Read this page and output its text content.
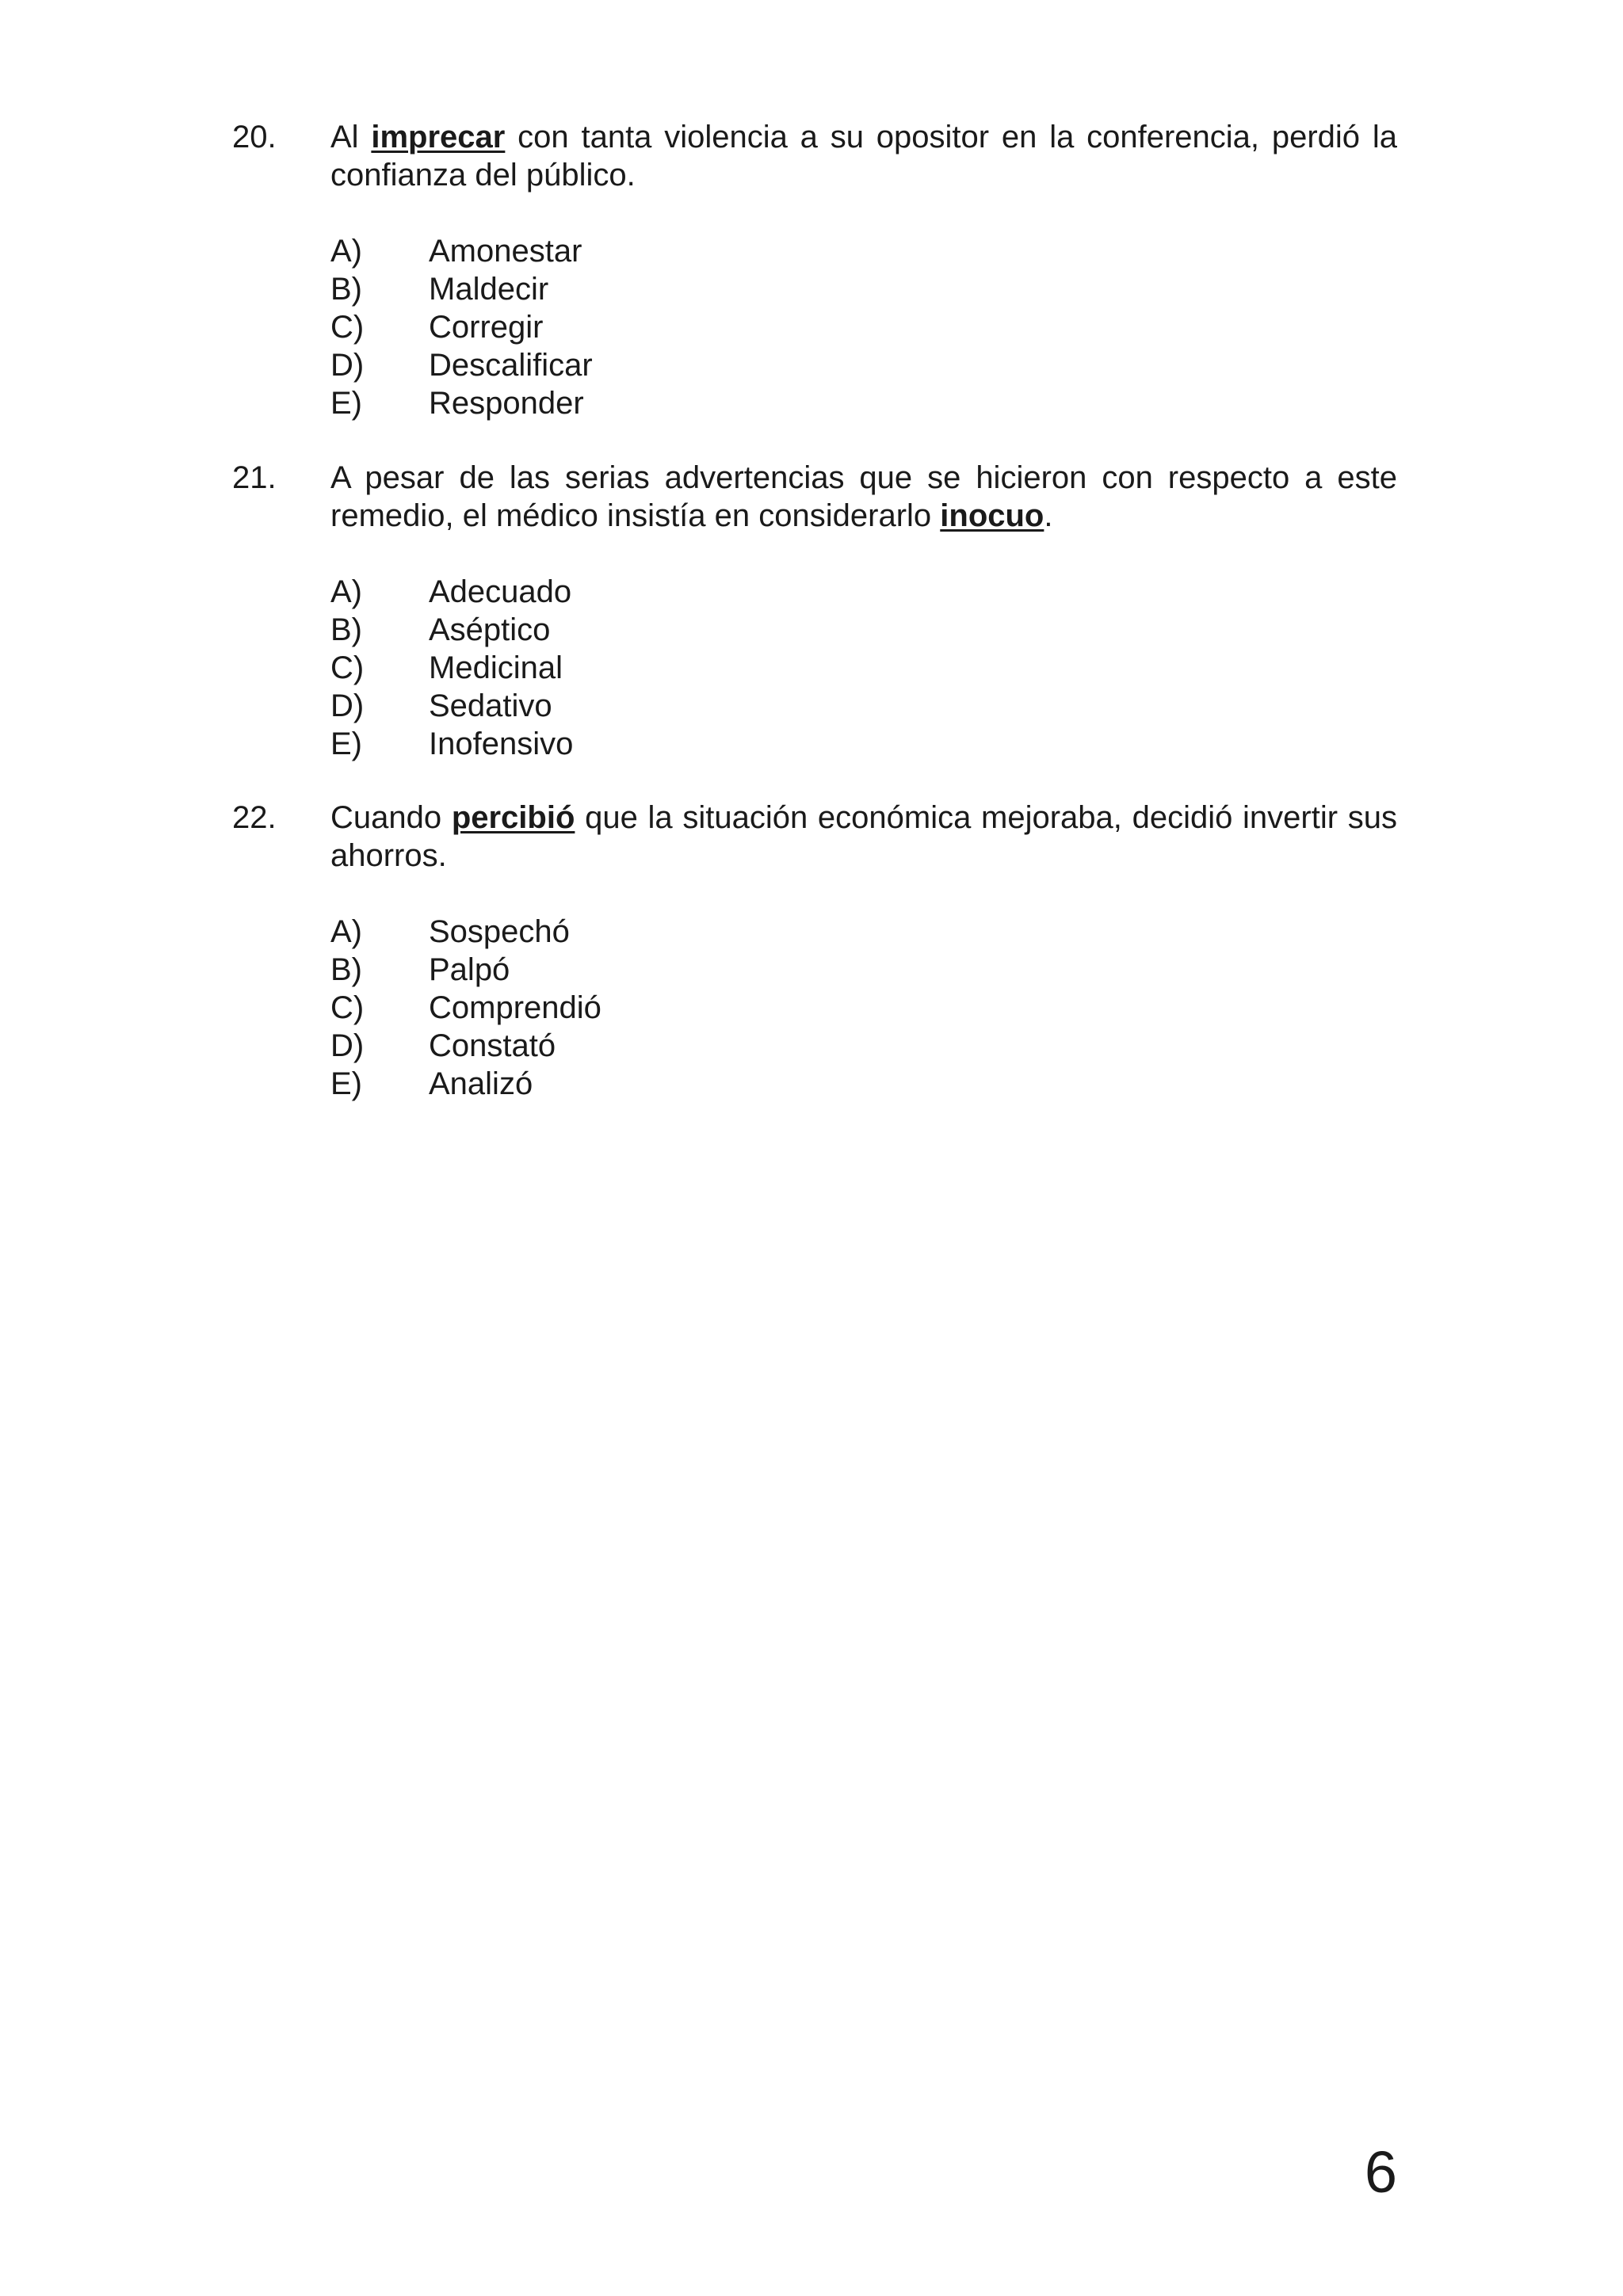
20.	Al imprecar con tanta violencia a su opositor en la conferencia, perdió la confianza del público.
A) Amonestar
B) Maldecir
C) Corregir
D) Descalificar
E) Responder
21.	A pesar de las serias advertencias que se hicieron con respecto a este remedio, el médico insistía en considerarlo inocuo.
A) Adecuado
B) Aséptico
C) Medicinal
D) Sedativo
E) Inofensivo
22.	Cuando percibió que la situación económica mejoraba, decidió invertir sus ahorros.
A) Sospechó
B) Palpó
C) Comprendió
D) Constató
E) Analizó
6
